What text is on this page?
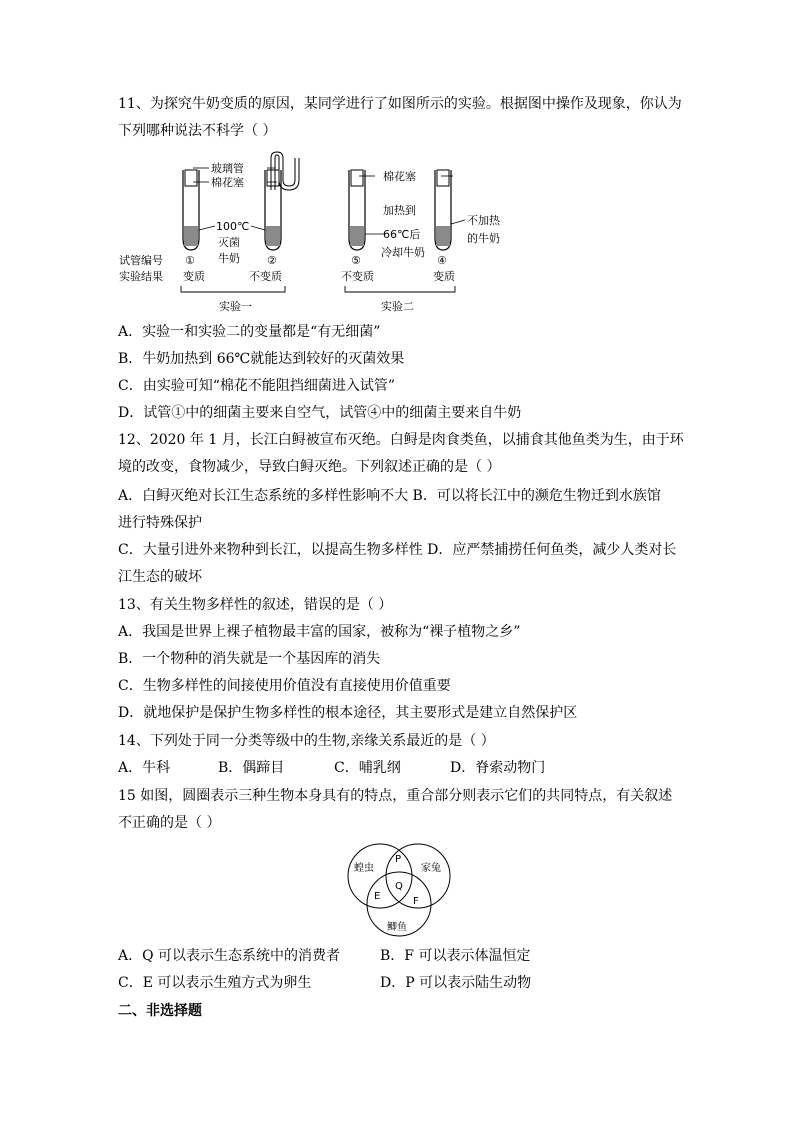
11、为探究牛奶变质的原因，某同学进行了如图所示的实验。根据图中操作及现象，你认为
下列哪种说法不科学（ ）
玻璃管
棉花塞	棉花塞
100℃
灭菌
牛奶
试管编号
实验结果
①	②	⑤	④
变质	不变质	不变质	变质
加热到
66℃后
冷却牛奶
不加热
的牛奶
实验一	实验二
A．实验一和实验二的变量都是“有无细菌”
B．牛奶加热到 66℃就能达到较好的灭菌效果
C．由实验可知“棉花不能阻挡细菌进入试管”
D．试管①中的细菌主要来自空气，试管④中的细菌主要来自牛奶
12、2020 年 1 月，长江白鲟被宣布灭绝。白鲟是肉食类鱼，以捕食其他鱼类为生，由于环
境的改变，食物减少，导致白鲟灭绝。下列叙述正确的是（ ）
A．白鲟灭绝对长江生态系统的多样性影响不大 B．可以将长江中的濒危生物迁到水族馆
进行特殊保护
C．大量引进外来物种到长江，以提高生物多样性 D．应严禁捕捞任何鱼类，减少人类对长
江生态的破坏
13、有关生物多样性的叙述，错误的是（ ）
A．我国是世界上裸子植物最丰富的国家，被称为“裸子植物之乡”
B．一个物种的消失就是一个基因库的消失
C．生物多样性的间接使用价值没有直接使用价值重要
D．就地保护是保护生物多样性的根本途径，其主要形式是建立自然保护区
14、下列处于同一分类等级中的生物,亲缘关系最近的是（ ）
A．牛科	B．偶蹄目	C．哺乳纲	D．脊索动物门
15 如图，圆圈表示三种生物本身具有的特点，重合部分则表示它们的共同特点，有关叙述
不正确的是（ ）
蝗虫	家兔
鲫鱼
P
Q
E	F
A．Q 可以表示生态系统中的消费者	B．F 可以表示体温恒定
C．E 可以表示生殖方式为卵生	D．P 可以表示陆生动物
二、非选择题
